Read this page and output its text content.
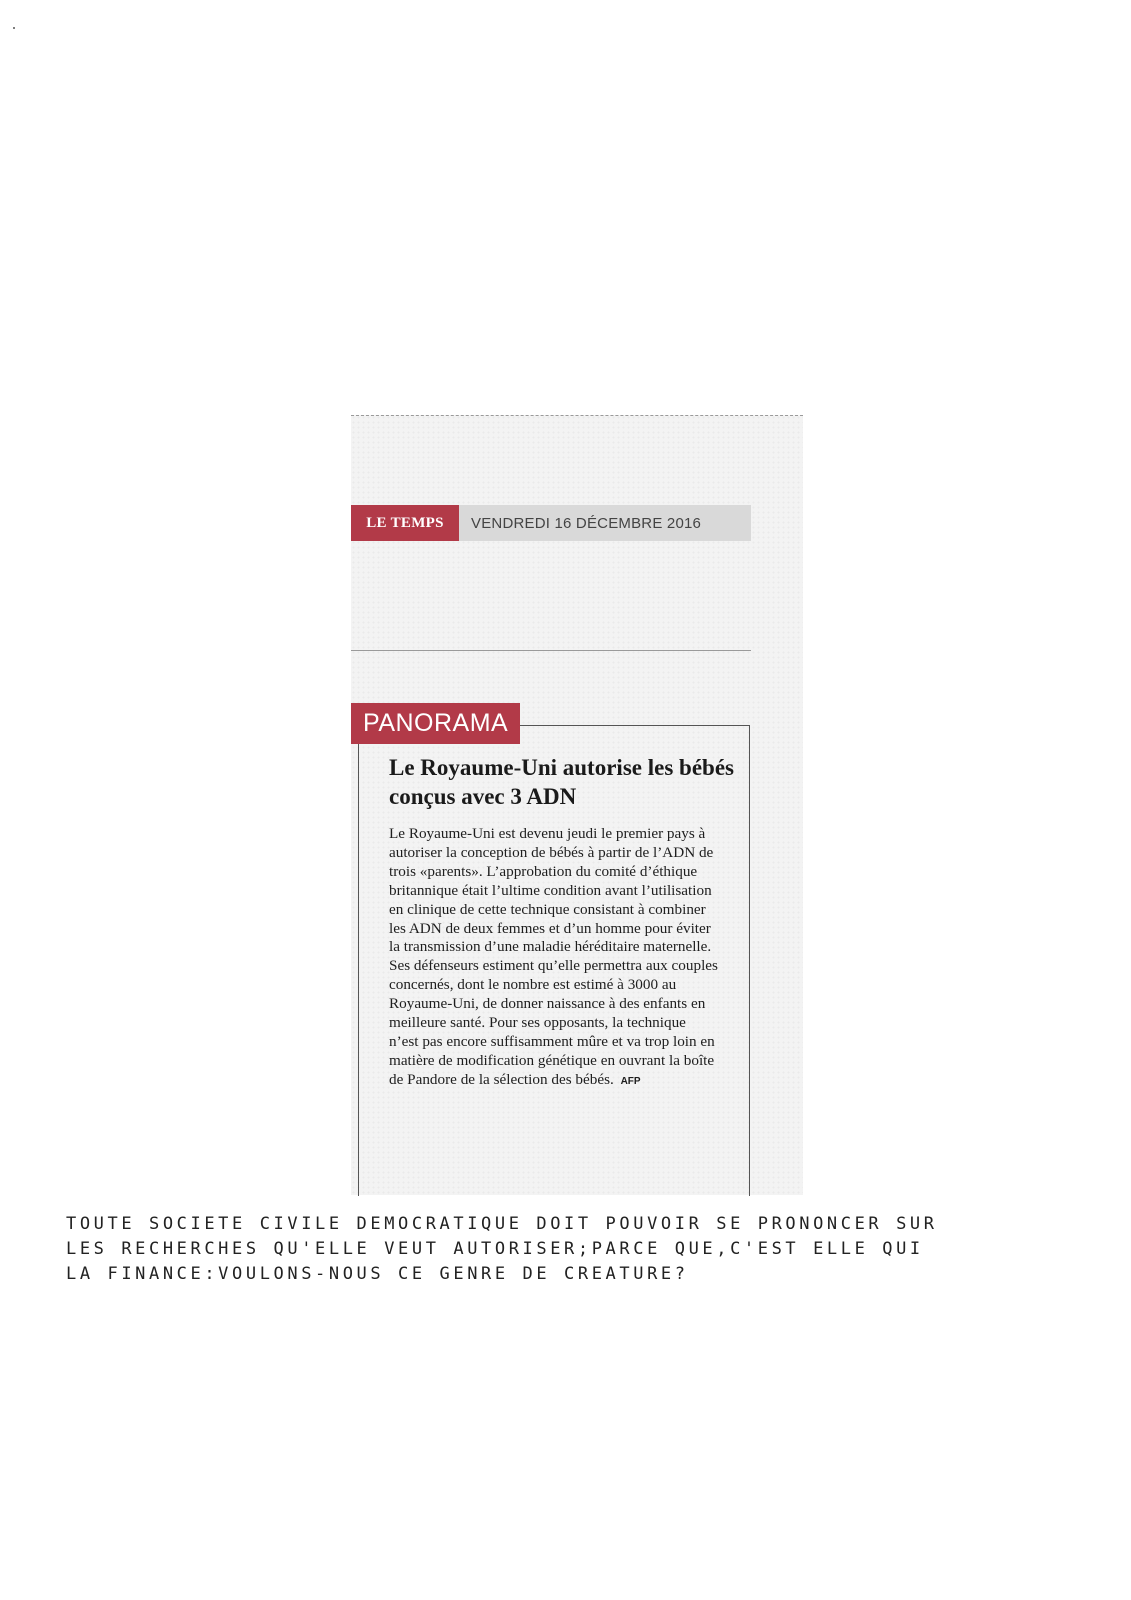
LE TEMPS	VENDREDI 16 DÉCEMBRE 2016
PANORAMA
Le Royaume-Uni autorise les bébés conçus avec 3 ADN

Le Royaume-Uni est devenu jeudi le premier pays à autoriser la conception de bébés à partir de l’ADN de trois «parents». L’approbation du comité d’éthique britannique était l’ultime condition avant l’utilisation en clinique de cette technique consistant à combiner les ADN de deux femmes et d’un homme pour éviter la transmission d’une maladie héréditaire maternelle. Ses défenseurs estiment qu’elle permettra aux couples concernés, dont le nombre est estimé à 3000 au Royaume-Uni, de donner naissance à des enfants en meilleure santé. Pour ses opposants, la technique n’est pas encore suffisamment mûre et va trop loin en matière de modification génétique en ouvrant la boîte de Pandore de la sélection des bébés. AFP

TOUTE SOCIETE CIVILE DEMOCRATIQUE DOIT POUVOIR SE PRONONCER SUR
LES RECHERCHES QU'ELLE VEUT AUTORISER;PARCE QUE,C'EST ELLE QUI
LA FINANCE:VOULONS-NOUS CE GENRE DE CREATURE?
